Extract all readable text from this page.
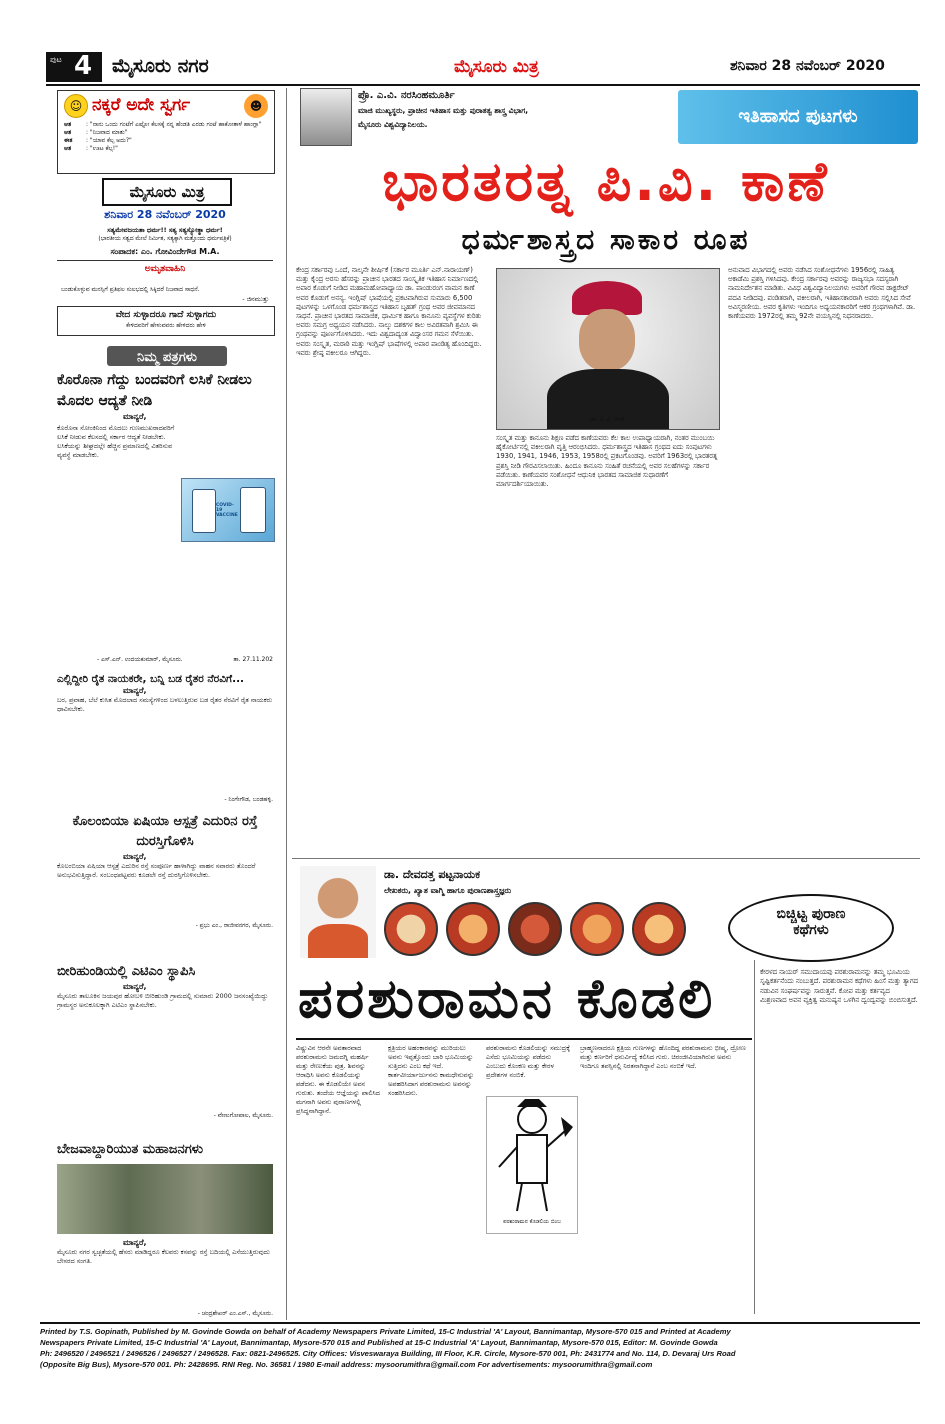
ಪುಟ 4 ಮೈಸೂರು ನಗರ	ಮೈಸೂರು ಮಿತ್ರ	ಶನಿವಾರ 28 ನವೆಂಬರ್ 2020
☺ ನಕ್ಕರೆ ಅದೇ ಸ್ವರ್ಗ	☻
ಆತ	: "ನಾನು ಒಂದು ಗಂಟೆಗೆ ಎಷ್ಟೋ ಕೆಲಸಕ್ಕೆ ನನ್ನ ಹೆಂಡತಿ ಎರಡು ಗಂಟೆ ಹಾಕೋತಾಳೆ ಹಾಂಗ್ಲಾ"
ಆತ	: "ನಿಜವಾದ ಮಾತು"
ಈತ	: "ಯಾವ ಕೆಲ್ಸ ಅದು?"
ಆತ	: "ಊಟ ಕೆಲ್ಸ!"
ಮೈಸೂರು ಮಿತ್ರ
ಶನಿವಾರ 28 ನವೆಂಬರ್ 2020
ಸತ್ಯಮೇವಜಯತಾ ಧರ್ಮ!! ಸತ್ಯ ಸತ್ಯಸ್ಯೋತ್ಥಾ ಧರ್ಮ!
(ಭಾರತೀಯ ಸತ್ವದ ಮೇಲೆ ನಿರ್ಮಿತ, ಸತ್ಯಕ್ಕಾಗಿ ಮತ್ತೊಂದು ಧರ್ಮಪತ್ರಿಕೆ)
ಸಂಪಾದಕ: ಎಂ. ಗೋವಿಂದೇಗೌಡ M.A.
ಅಮೃತವಾಹಿನಿ
ಬಂಡುಕೊಳ್ಳುವ ಮನಸ್ಸಿಗೆ ಪ್ರತಿಫಲ ಸುಲಭದಲ್ಲಿ ಸಿಕ್ಕಿದರೆ ನಿಜವಾದ ಸಾಧನೆ.
- ಜಿನಮುತ್ತು
ವೇದ ಸುಳ್ಳಾದರೂ ಗಾದೆ ಸುಳ್ಳಾಗದು
ಕೇಳಿದವರಿಗೆ ಹೇಳುವವರು ಹೇಳಿದರು ಹೇಳಿ
ನಿಮ್ಮ ಪತ್ರಗಳು
ಕೊರೊನಾ ಗೆದ್ದು ಬಂದವರಿಗೆ ಲಸಿಕೆ ನೀಡಲು ಮೊದಲ ಆದ್ಯತೆ ನೀಡಿ
ಮಾನ್ಯರೆ,
ಕೊರೊನಾ ಸೋಂಕಿನಿಂದ ಮೊದಲು ಗುಣಮುಖರಾದವರಿಗೆ ಲಸಿಕೆ ನೀಡುವ ಕೆಲಸದಲ್ಲಿ ಸರ್ಕಾರ ಆದ್ಯತೆ ನೀಡಬೇಕು. ಲಸಿಕೆಯನ್ನು ಶೀಘ್ರದಲ್ಲೇ ಹೆಚ್ಚಿನ ಪ್ರಮಾಣದಲ್ಲಿ ವಿತರಿಸುವ ವ್ಯವಸ್ಥೆ ಮಾಡಬೇಕು.
COVID-19 VACCINE
- ಎಸ್.ಎನ್. ಉದಯಕುಮಾರ್, ಮೈಸೂರು.	ತಾ. 27.11.202
ಎಲ್ಲಿದ್ದೀರಿ ರೈತ ನಾಯಕರೇ, ಬನ್ನಿ ಬಡ ರೈತರ ನೆರವಿಗೆ...
ಮಾನ್ಯರೆ,
ಬರ, ಪ್ರವಾಹ, ಬೆಲೆ ಕುಸಿತ ಮೊದಲಾದ ಸಮಸ್ಯೆಗಳಿಂದ ಬಳಲುತ್ತಿರುವ ಬಡ ರೈತರ ನೆರವಿಗೆ ರೈತ ನಾಯಕರು ಧಾವಿಸಬೇಕು.
- ನಿಂಗೇಗೌಡ, ಬಂಡಹಳ್ಳಿ.
ಕೊಲಂಬಿಯಾ ಏಷಿಯಾ ಆಸ್ಪತ್ರೆ ಎದುರಿನ ರಸ್ತೆ ದುರಸ್ತಿಗೊಳಿಸಿ
ಮಾನ್ಯರೆ,
ಕೊಲಂಬಿಯಾ ಏಷಿಯಾ ಆಸ್ಪತ್ರೆ ಎದುರಿನ ರಸ್ತೆ ಸಂಪೂರ್ಣ ಹಾಳಾಗಿದ್ದು ವಾಹನ ಸವಾರರು ತೊಂದರೆ ಅನುಭವಿಸುತ್ತಿದ್ದಾರೆ. ಸಂಬಂಧಪಟ್ಟವರು ಕೂಡಲೇ ರಸ್ತೆ ದುರಸ್ತಿಗೊಳಿಸಬೇಕು.
- ಪ್ರಭು ಎಂ., ರಾಜೀವನಗರ, ಮೈಸೂರು.
ಬೀರಿಹುಂಡಿಯಲ್ಲಿ ಎಟಿಎಂ ಸ್ಥಾಪಿಸಿ
ಮಾನ್ಯರೆ,
ಮೈಸೂರು ತಾಲೂಕಿನ ಜಯಪುರ ಹೋಬಳಿ ಬೀರಿಹುಂಡಿ ಗ್ರಾಮದಲ್ಲಿ ಸುಮಾರು 2000 ಜನಸಂಖ್ಯೆಯಿದ್ದು ಗ್ರಾಮಸ್ಥರ ಅನುಕೂಲಕ್ಕಾಗಿ ಎಟಿಎಂ ಸ್ಥಾಪಿಸಬೇಕು.
- ವೇಣುಗೋಪಾಲ, ಮೈಸೂರು.
ಬೇಜವಾಬ್ದಾರಿಯುತ ಮಹಾಜನಗಳು
ಮಾನ್ಯರೆ,
ಮೈಸೂರು ನಗರ ಸ್ವಚ್ಛತೆಯಲ್ಲಿ ಹೆಸರು ಮಾಡಿದ್ದರೂ ಕೆಲವರು ಕಸವನ್ನು ರಸ್ತೆ ಬದಿಯಲ್ಲಿ ಎಸೆಯುತ್ತಿರುವುದು ಬೇಸರದ ಸಂಗತಿ.
- ಚಂದ್ರಶೇಖರ್ ಎಂ.ಎಸ್., ಮೈಸೂರು.
ಪ್ರೊ. ಎ.ವಿ. ನರಸಿಂಹಮೂರ್ತಿ
ಮಾಜಿ ಮುಖ್ಯಸ್ಥರು, ಪ್ರಾಚೀನ ಇತಿಹಾಸ ಮತ್ತು ಪುರಾತತ್ವ ಶಾಸ್ತ್ರ ವಿಭಾಗ,
ಮೈಸೂರು ವಿಶ್ವವಿದ್ಯಾನಿಲಯ.	ಇತಿಹಾಸದ ಪುಟಗಳು
ಭಾರತರತ್ನ ಪಿ.ವಿ. ಕಾಣೆ
ಧರ್ಮಶಾಸ್ತ್ರದ ಸಾಕಾರ ರೂಪ
ಕೇಂದ್ರ ಸರ್ಕಾರವು ಒಂದೆ, ನಾಲ್ಕನೇ ಶೀರ್ಷಿಕೆ (ಸರ್ಕಾರ ಮೂರ್ತಿ ಎನ್.ನಾರಾಯಣ್) ಮತ್ತು ಕೈಂದ್ರ ಅರಸು ಹೆಸರನ್ನು ಪ್ರಾಚೀನ ಭಾರತದ ಸಾಂಸ್ಕೃತಿಕ ಇತಿಹಾಸ ನಿರ್ಮಾಣದಲ್ಲಿ ಅಪಾರ ಕೊಡುಗೆ ನೀಡಿದ ಮಹಾಮಹೋಪಾಧ್ಯಾಯ ಡಾ. ಪಾಂಡುರಂಗ ವಾಮನ ಕಾಣೆ ಅವರ ಕೊಡುಗೆ ಅನನ್ಯ. ಇಂಗ್ಲಿಷ್ ಭಾಷೆಯಲ್ಲಿ ಪ್ರಕಟವಾಗಿರುವ ಸುಮಾರು 6,500 ಪುಟಗಳನ್ನು ಒಳಗೊಂಡ ಧರ್ಮಶಾಸ್ತ್ರದ ಇತಿಹಾಸ ಬೃಹತ್ ಗ್ರಂಥ ಅವರ ಜೀವಮಾನದ ಸಾಧನೆ. ಪ್ರಾಚೀನ ಭಾರತದ ಸಾಮಾಜಿಕ, ಧಾರ್ಮಿಕ ಹಾಗೂ ಕಾನೂನು ವ್ಯವಸ್ಥೆಗಳ ಕುರಿತು ಅವರು ಸಮಗ್ರ ಅಧ್ಯಯನ ನಡೆಸಿದರು. ನಾಲ್ಕು ದಶಕಗಳ ಕಾಲ ಅವಿರತವಾಗಿ ಶ್ರಮಿಸಿ ಈ ಗ್ರಂಥವನ್ನು ಪೂರ್ಣಗೊಳಿಸಿದರು. ಇದು ವಿಶ್ವದಾದ್ಯಂತ ವಿದ್ವಾಂಸರ ಗಮನ ಸೆಳೆಯಿತು. ಅವರು ಸಂಸ್ಕೃತ, ಮರಾಠಿ ಮತ್ತು ಇಂಗ್ಲಿಷ್ ಭಾಷೆಗಳಲ್ಲಿ ಅಪಾರ ಪಾಂಡಿತ್ಯ ಹೊಂದಿದ್ದರು. ಇವರು ಶ್ರೇಷ್ಠ ವಕೀಲರೂ ಆಗಿದ್ದರು.
ಡಾ. ಪಿ.ವಿ. ಕಾಣೆ
ಸಂಸ್ಕೃತ ಮತ್ತು ಕಾನೂನು ಶಿಕ್ಷಣ ಪಡೆದ ಕಾಣೆಯವರು ಕೆಲ ಕಾಲ ಉಪಾಧ್ಯಾಯರಾಗಿ, ನಂತರ ಮುಂಬಯಿ ಹೈಕೋರ್ಟಿನಲ್ಲಿ ವಕೀಲರಾಗಿ ವೃತ್ತಿ ಆರಂಭಿಸಿದರು. ಧರ್ಮಶಾಸ್ತ್ರದ ಇತಿಹಾಸ ಗ್ರಂಥದ ಐದು ಸಂಪುಟಗಳು 1930, 1941, 1946, 1953, 1958ರಲ್ಲಿ ಪ್ರಕಟಗೊಂಡವು. ಅವರಿಗೆ 1963ರಲ್ಲಿ ಭಾರತರತ್ನ ಪ್ರಶಸ್ತಿ ನೀಡಿ ಗೌರವಿಸಲಾಯಿತು. ಹಿಂದೂ ಕಾನೂನು ಸಂಹಿತೆ ರಚನೆಯಲ್ಲಿ ಅವರ ಸಲಹೆಗಳನ್ನು ಸರ್ಕಾರ ಪಡೆಯಿತು. ಕಾಣೆಯವರ ಸಂಶೋಧನೆ ಆಧುನಿಕ ಭಾರತದ ಸಾಮಾಜಿಕ ಸುಧಾರಣೆಗೆ ಮಾರ್ಗದರ್ಶಿಯಾಯಿತು.
ಅನುವಾದ ವಿಭಾಗದಲ್ಲಿ ಅವರು ನಡೆಸಿದ ಸಂಶೋಧನೆಗಳು 1956ರಲ್ಲಿ ಸಾಹಿತ್ಯ ಅಕಾಡೆಮಿ ಪ್ರಶಸ್ತಿ ಗಳಿಸಿದವು. ಕೇಂದ್ರ ಸರ್ಕಾರವು ಅವರನ್ನು ರಾಜ್ಯಸಭಾ ಸದಸ್ಯರಾಗಿ ನಾಮನಿರ್ದೇಶನ ಮಾಡಿತು. ವಿವಿಧ ವಿಶ್ವವಿದ್ಯಾನಿಲಯಗಳು ಅವರಿಗೆ ಗೌರವ ಡಾಕ್ಟರೇಟ್ ಪದವಿ ನೀಡಿದವು. ಪಂಡಿತರಾಗಿ, ವಕೀಲರಾಗಿ, ಇತಿಹಾಸಕಾರರಾಗಿ ಅವರು ಸಲ್ಲಿಸಿದ ಸೇವೆ ಅವಿಸ್ಮರಣೀಯ. ಅವರ ಕೃತಿಗಳು ಇಂದಿಗೂ ಅಧ್ಯಯನಕಾರರಿಗೆ ಆಕರ ಗ್ರಂಥಗಳಾಗಿವೆ. ಡಾ. ಕಾಣೆಯವರು 1972ರಲ್ಲಿ ತಮ್ಮ 92ನೇ ವಯಸ್ಸಿನಲ್ಲಿ ನಿಧನರಾದರು.
ಡಾ. ದೇವದತ್ತ ಪಟ್ಟನಾಯಕ
ಲೇಖಕರು, ಖ್ಯಾತ ವಾಗ್ಮಿ ಹಾಗೂ ಪುರಾಣಶಾಸ್ತ್ರಜ್ಞರು
ಬಿಚ್ಚಿಟ್ಟ ಪುರಾಣ
ಕಥೆಗಳು
ಪರಶುರಾಮನ ಕೊಡಲಿ
ವಿಷ್ಣುವಿನ ಆರನೇ ಅವತಾರವಾದ ಪರಶುರಾಮನು ಜಮದಗ್ನಿ ಮಹರ್ಷಿ ಮತ್ತು ರೇಣುಕೆಯ ಪುತ್ರ. ಶಿವನನ್ನು ಆರಾಧಿಸಿ ಅವನು ಕೊಡಲಿಯನ್ನು ಪಡೆದನು. ಈ ಕೊಡಲಿಯೇ ಅವನ ಗುರುತು. ತಂದೆಯ ಆಜ್ಞೆಯನ್ನು ಪಾಲಿಸಿದ ಮಗನಾಗಿ ಅವನು ಪುರಾಣಗಳಲ್ಲಿ ಪ್ರಸಿದ್ಧನಾಗಿದ್ದಾನೆ.
ಕ್ಷತ್ರಿಯರ ಅಹಂಕಾರವನ್ನು ಮುರಿಯಲು ಅವನು ಇಪ್ಪತ್ತೊಂದು ಬಾರಿ ಭೂಮಿಯನ್ನು ಸುತ್ತಿದನು ಎಂಬ ಕಥೆ ಇದೆ. ಕಾರ್ತವೀರ್ಯಾರ್ಜುನನು ಕಾಮಧೇನುವನ್ನು ಅಪಹರಿಸಿದಾಗ ಪರಶುರಾಮನು ಅವನನ್ನು ಸಂಹರಿಸಿದನು.
ಪರಶುರಾಮನು ಕೊಡಲಿಯನ್ನು ಸಮುದ್ರಕ್ಕೆ ಎಸೆದು ಭೂಮಿಯನ್ನು ಪಡೆದನು ಎಂಬುದು ಕೊಂಕಣ ಮತ್ತು ಕೇರಳ ಪ್ರದೇಶಗಳ ನಂಬಿಕೆ.
ಪರಶುರಾಮನ ಕೊಡಲಿಯ ಬಿಂಬ
ಬ್ರಾಹ್ಮಣನಾದರೂ ಕ್ಷತ್ರಿಯ ಗುಣಗಳನ್ನು ಹೊಂದಿದ್ದ ಪರಶುರಾಮನು ಭೀಷ್ಮ, ದ್ರೋಣ ಮತ್ತು ಕರ್ಣರಿಗೆ ಧನುರ್ವಿದ್ಯೆ ಕಲಿಸಿದ ಗುರು. ಚಿರಂಜೀವಿಯಾಗಿರುವ ಅವನು ಇಂದಿಗೂ ತಪಸ್ಸಿನಲ್ಲಿ ನಿರತನಾಗಿದ್ದಾನೆ ಎಂಬ ನಂಬಿಕೆ ಇದೆ.
ಕೇರಳದ ನಾಯರ್ ಸಮುದಾಯವು ಪರಶುರಾಮನನ್ನು ತಮ್ಮ ಭೂಮಿಯ ಸೃಷ್ಟಿಕರ್ತನೆಂದು ನಂಬುತ್ತದೆ. ಪರಶುರಾಮನ ಕಥೆಗಳು ಹಿಂಸೆ ಮತ್ತು ತ್ಯಾಗದ ನಡುವಿನ ಸಂಘರ್ಷವನ್ನು ಸಾರುತ್ತವೆ. ಕೋಪ ಮತ್ತು ಕರ್ತವ್ಯದ ಮಿಶ್ರಣವಾದ ಅವನ ವ್ಯಕ್ತಿತ್ವ ಮನುಷ್ಯನ ಒಳಗಿನ ದ್ವಂದ್ವವನ್ನು ಬಿಂಬಿಸುತ್ತದೆ.
Printed by T.S. Gopinath, Published by M. Govinde Gowda on behalf of Academy Newspapers Private Limited, 15-C Industrial 'A' Layout, Bannimantap, Mysore-570 015 and Printed at Academy
Newspapers Private Limited, 15-C Industrial 'A' Layout, Bannimantap, Mysore-570 015 and Published at 15-C Industrial 'A' Layout, Bannimantap, Mysore-570 015, Editor: M. Govinde Gowda
Ph: 2496520 / 2496521 / 2496526 / 2496527 / 2496528. Fax: 0821-2496525. City Offices: Visveswaraya Building, III Floor, K.R. Circle, Mysore-570 001, Ph: 2431774 and No. 114, D. Devaraj Urs Road
(Opposite Big Bus), Mysore-570 001. Ph: 2428695. RNI Reg. No. 36581 / 1980 E-mail address: mysoorumithra@gmail.com For advertisements: mysoorumithra@gmail.com
